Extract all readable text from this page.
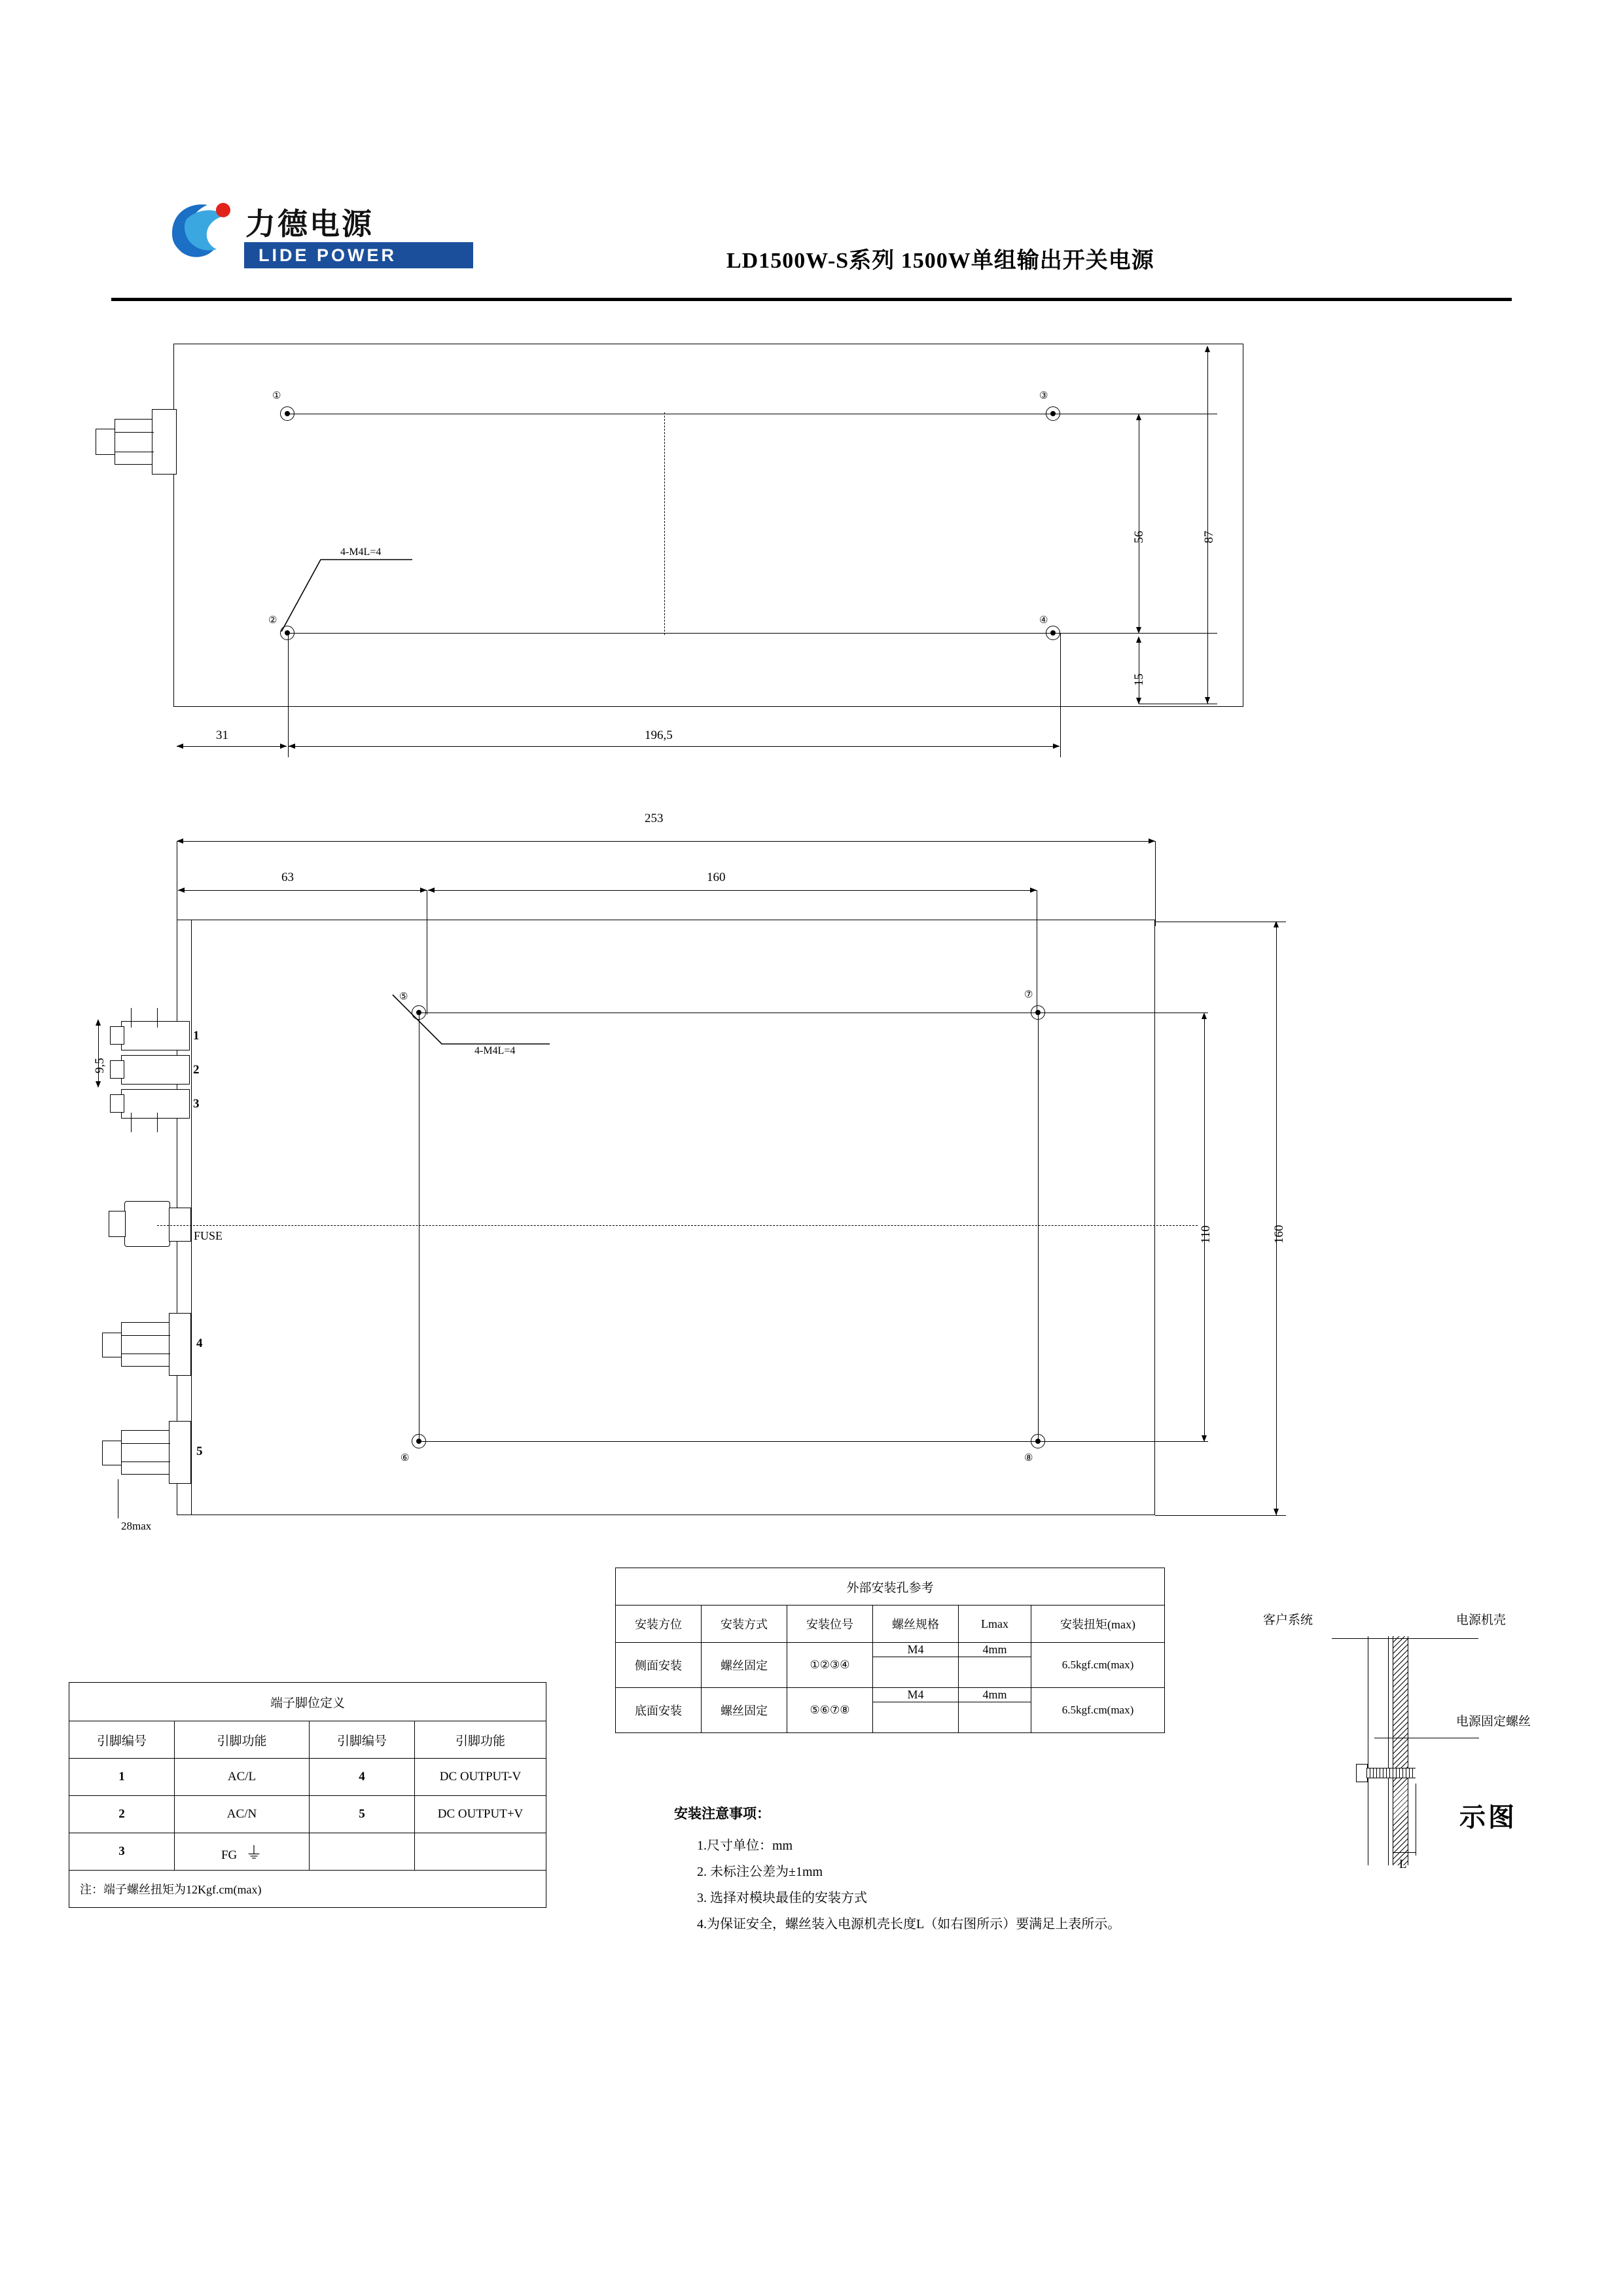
力德电源
LIDE POWER	LD1500W-S系列 1500W单组输出开关电源
①	③
②	④
4-M4L=4
56	87
15
31	196,5
253
63	160
1
2
3
9,5
FUSE
4
5
28max
⑤	⑦
⑥	⑧
4-M4L=4
110	160
端子脚位定义			
引脚编号	引脚功能	引脚编号	引脚功能
1	AC/L	4	DC OUTPUT-V
2	AC/N	5	DC OUTPUT+V
3	FG ⏚		
注：端子螺丝扭矩为12Kgf.cm(max)			
外部安装孔参考					
安装方位	安装方式	安装位号	螺丝规格	Lmax	安装扭矩(max)
侧面安装	螺丝固定	①②③④	M4	4mm	6.5kgf.cm(max)

底面安装	螺丝固定	⑤⑥⑦⑧	M4	4mm	6.5kgf.cm(max)

安装注意事项：
1.尺寸单位：mm
2. 未标注公差为±1mm
3. 选择对模块最佳的安装方式
4.为保证安全，螺丝装入电源机壳长度L（如右图所示）要满足上表所示。
L
客户系统	电源机壳
电源固定螺丝
示图
